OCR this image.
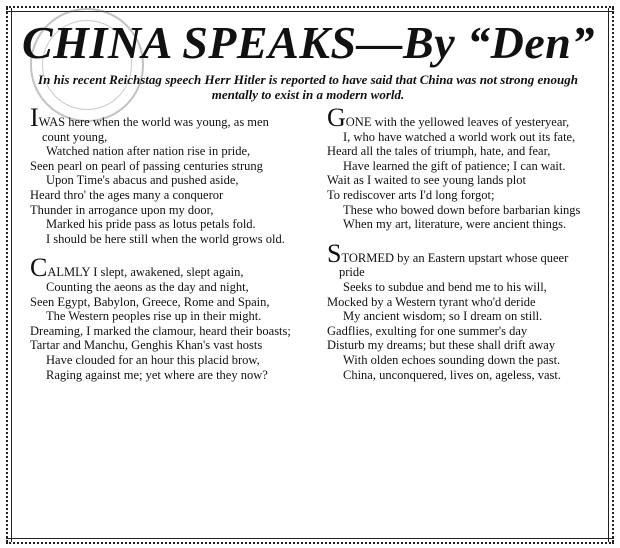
CHINA SPEAKS—By “Den”
In his recent Reichstag speech Herr Hitler is reported to have said that China was not strong enough mentally to exist in a modern world.
IWAS here when the world was young, as men count young,
Watched nation after nation rise in pride,
Seen pearl on pearl of passing centuries strung
Upon Time's abacus and pushed aside,
Heard thro' the ages many a conqueror
Thunder in arrogance upon my door,
Marked his pride pass as lotus petals fold.
I should be here still when the world grows old.
CALMLY I slept, awakened, slept again,
Counting the aeons as the day and night,
Seen Egypt, Babylon, Greece, Rome and Spain,
The Western peoples rise up in their might.
Dreaming, I marked the clamour, heard their boasts;
Tartar and Manchu, Genghis Khan's vast hosts
Have clouded for an hour this placid brow,
Raging against me; yet where are they now?
GONE with the yellowed leaves of yesteryear,
I, who have watched a world work out its fate,
Heard all the tales of triumph, hate, and fear,
Have learned the gift of patience; I can wait.
Wait as I waited to see young lands plot
To rediscover arts I'd long forgot;
These who bowed down before barbarian kings
When my art, literature, were ancient things.
STORMED by an Eastern upstart whose queer pride
Seeks to subdue and bend me to his will,
Mocked by a Western tyrant who'd deride
My ancient wisdom; so I dream on still.
Gadflies, exulting for one summer's day
Disturb my dreams; but these shall drift away
With olden echoes sounding down the past.
China, unconquered, lives on, ageless, vast.
